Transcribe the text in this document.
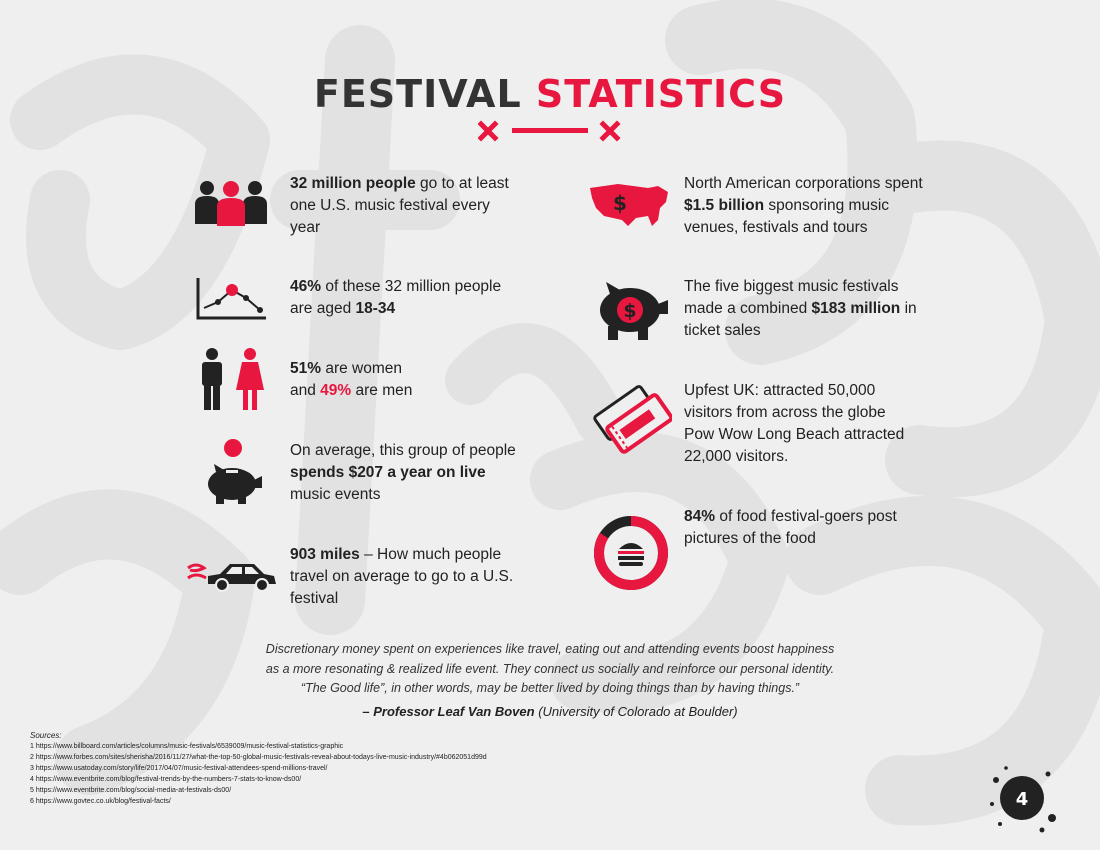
FESTIVAL STATISTICS
32 million people go to at least one U.S. music festival every year
46% of these 32 million people are aged 18-34
51% are women
and 49% are men
On average, this group of people spends $207 a year on live music events
903 miles – How much people travel on average to go to a U.S. festival
$
North American corporations spent $1.5 billion sponsoring music venues, festivals and tours
$
The five biggest music festivals made a combined $183 million in ticket sales
Upfest UK: attracted 50,000
visitors from across the globe
Pow Wow Long Beach attracted
22,000 visitors.
84% of food festival-goers post pictures of the food
Discretionary money spent on experiences like travel, eating out and attending events boost happiness
as a more resonating & realized life event. They connect us socially and reinforce our personal identity.
“The Good life”, in other words, may be better lived by doing things than by having things.”
– Professor Leaf Van Boven (University of Colorado at Boulder)
Sources:
1 https://www.billboard.com/articles/columns/music-festivals/6539009/music-festival-statistics-graphic
2 https://www.forbes.com/sites/sherisha/2016/11/27/what-the-top-50-global-music-festivals-reveal-about-todays-live-music-industry/#4b062051d99d
3 https://www.usatoday.com/story/life/2017/04/07/music-festival-attendees-spend-millions-travel/
4 https://www.eventbrite.com/blog/festival-trends-by-the-numbers-7-stats-to-know-ds00/
5 https://www.eventbrite.com/blog/social-media-at-festivals-ds00/
6 https://www.govtec.co.uk/blog/festival-facts/	4
